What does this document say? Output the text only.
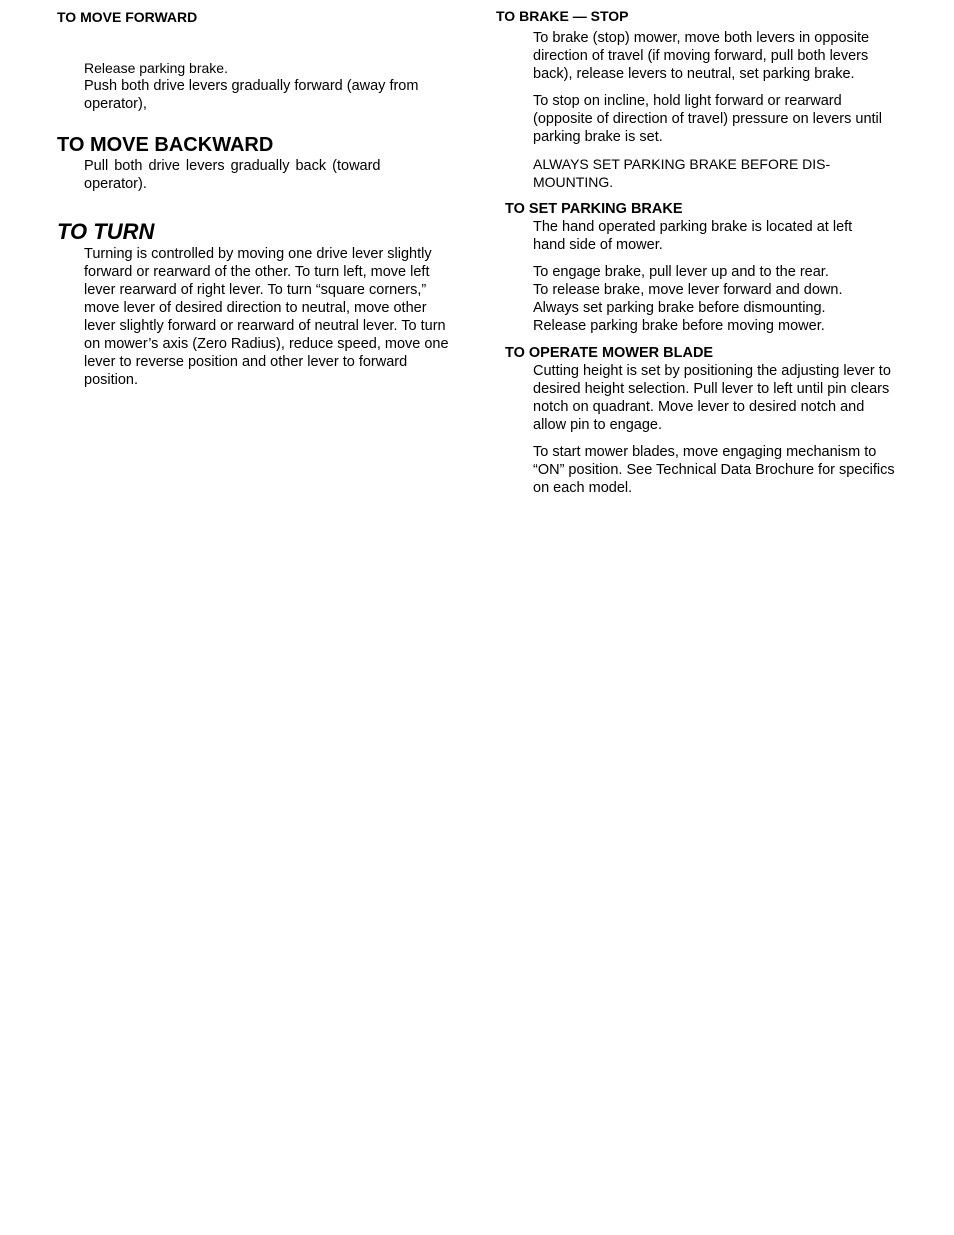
TO MOVE FORWARD

Release parking brake.

Push both drive levers gradually forward (away from operator),

TO MOVE BACKWARD

Pull both drive levers gradually back (toward operator).

TO TURN

Turning is controlled by moving one drive lever slightly forward or rearward of the other. To turn left, move left lever rearward of right lever. To turn “square corners,” move lever of desired direction to neutral, move other lever slightly forward or rearward of neutral lever. To turn on mower’s axis (Zero Radius), reduce speed, move one lever to reverse position and other lever to forward position.

TO BRAKE — STOP

To brake (stop) mower, move both levers in opposite direction of travel (if moving forward, pull both levers back), release levers to neutral, set parking brake.

To stop on incline, hold light forward or rearward (opposite of direction of travel) pressure on levers until parking brake is set.

ALWAYS SET PARKING BRAKE BEFORE DIS-MOUNTING.

TO SET PARKING BRAKE

The hand operated parking brake is located at left hand side of mower.

To engage brake, pull lever up and to the rear.

To release brake, move lever forward and down.

Always set parking brake before dismounting.

Release parking brake before moving mower.

TO OPERATE MOWER BLADE

Cutting height is set by positioning the adjusting lever to desired height selection. Pull lever to left until pin clears notch on quadrant. Move lever to desired notch and allow pin to engage.

To start mower blades, move engaging mechanism to “ON” position. See Technical Data Brochure for specifics on each model.
